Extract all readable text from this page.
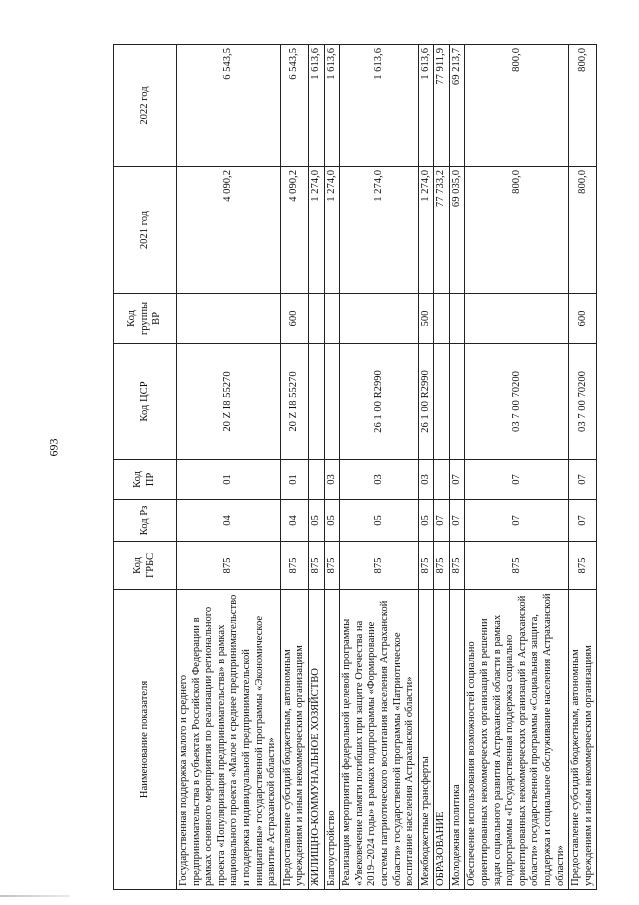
693
Наименование показателя	Код ГРБС	Код Рз	Код ПР	Код ЦСР	Код группы ВР	2021 год	2022 год
Государственная поддержка малого и среднего предпринимательства в субъектах Российской Федерации в рамках основного мероприятия по реализации регионального проекта «Популяризация предпринимательства» в рамках национального проекта «Малое и среднее предпринимательство и поддержка индивидуальной предпринимательской инициативы» государственной программы «Экономическое развитие Астраханской области»	875	04	01	20 Z I8 55270		4 090,2	6 543,5
Предоставление субсидий бюджетным, автономным учреждениям и иным некоммерческим организациям	875	04	01	20 Z I8 55270	600	4 090,2	6 543,5
ЖИЛИЩНО-КОММУНАЛЬНОЕ ХОЗЯЙСТВО	875	05				1 274,0	1 613,6
Благоустройство	875	05	03			1 274,0	1 613,6
Реализация мероприятий федеральной целевой программы «Увековечение памяти погибших при защите Отечества на 2019–2024 годы» в рамках подпрограммы «Формирование системы патриотического воспитания населения Астраханской области» государственной программы «Патриотическое воспитание населения Астраханской области»	875	05	03	26 1 00 R2990		1 274,0	1 613,6
Межбюджетные трансферты	875	05	03	26 1 00 R2990	500	1 274,0	1 613,6
ОБРАЗОВАНИЕ	875	07				77 733,2	77 911,9
Молодежная политика	875	07	07			69 035,0	69 213,7
Обеспечение использования возможностей социально ориентированных некоммерческих организаций в решении задач социального развития Астраханской области в рамках подпрограммы «Государственная поддержка социально ориентированных некоммерческих организаций в Астраханской области» государственной программы «Социальная защита, поддержка и социальное обслуживание населения Астраханской области»	875	07	07	03 7 00 70200		800,0	800,0
Предоставление субсидий бюджетным, автономным учреждениям и иным некоммерческим организациям	875	07	07	03 7 00 70200	600	800,0	800,0
